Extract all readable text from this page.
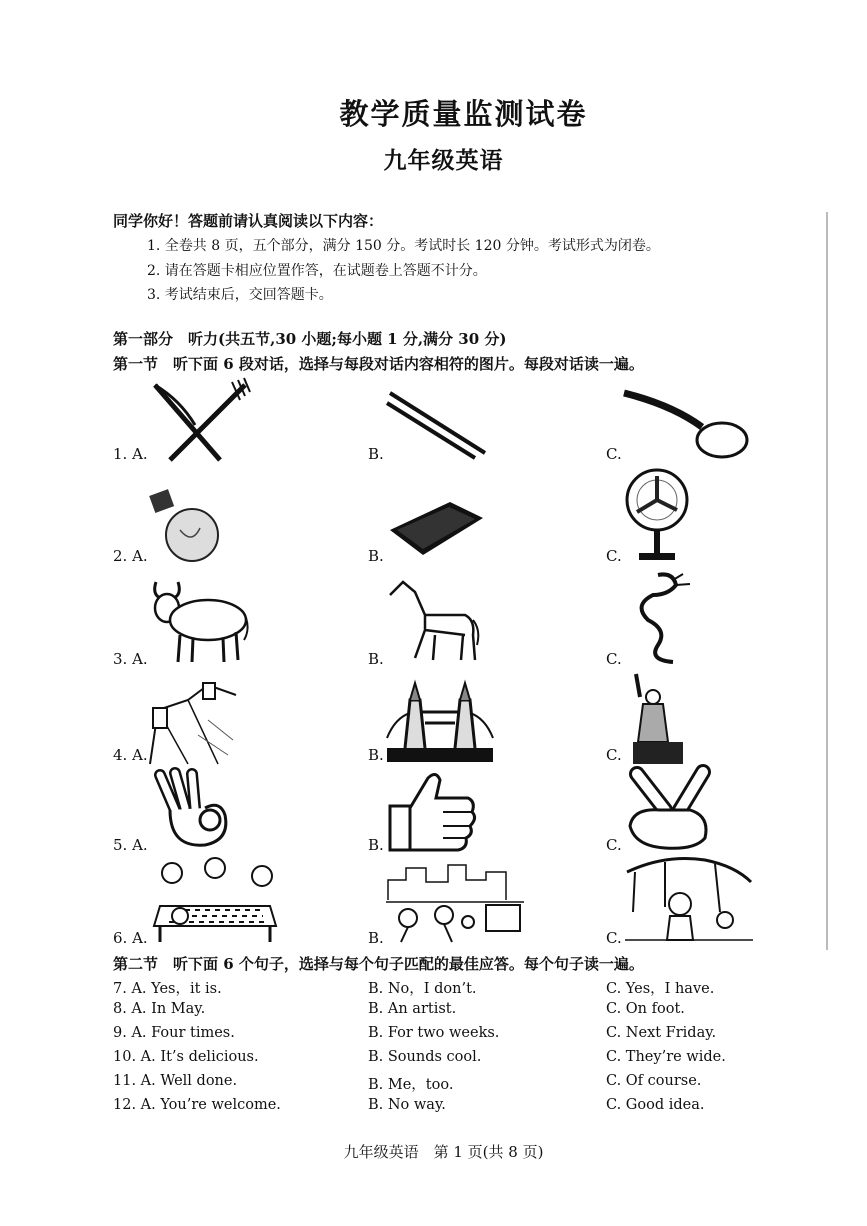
教学质量监测试卷
九年级英语
同学你好！答题前请认真阅读以下内容：
1. 全卷共 8 页，五个部分，满分 150 分。考试时长 120 分钟。考试形式为闭卷。
2. 请在答题卡相应位置作答，在试题卷上答题不计分。
3. 考试结束后，交回答题卡。
第一部分　听力(共五节,30 小题;每小题 1 分,满分 30 分)
第一节　听下面 6 段对话，选择与每段对话内容相符的图片。每段对话读一遍。
1. A.	B.	C.
2. A.	B.	C.
3. A.	B.	C.
4. A.	B.	C.
5. A.	B.	C.
6. A.	B.	C.
第二节　听下面 6 个句子，选择与每个句子匹配的最佳应答。每个句子读一遍。
7. A. Yes，it is.	B. No，I don’t.	C. Yes，I have.
8. A. In May.	B. An artist.	C. On foot.
9. A. Four times.	B. For two weeks.	C. Next Friday.
10. A. It’s delicious.	B. Sounds cool.	C. They’re wide.
11. A. Well done.	B. Me，too.	C. Of course.
12. A. You’re welcome.	B. No way.	C. Good idea.
九年级英语　第 1 页(共 8 页)
